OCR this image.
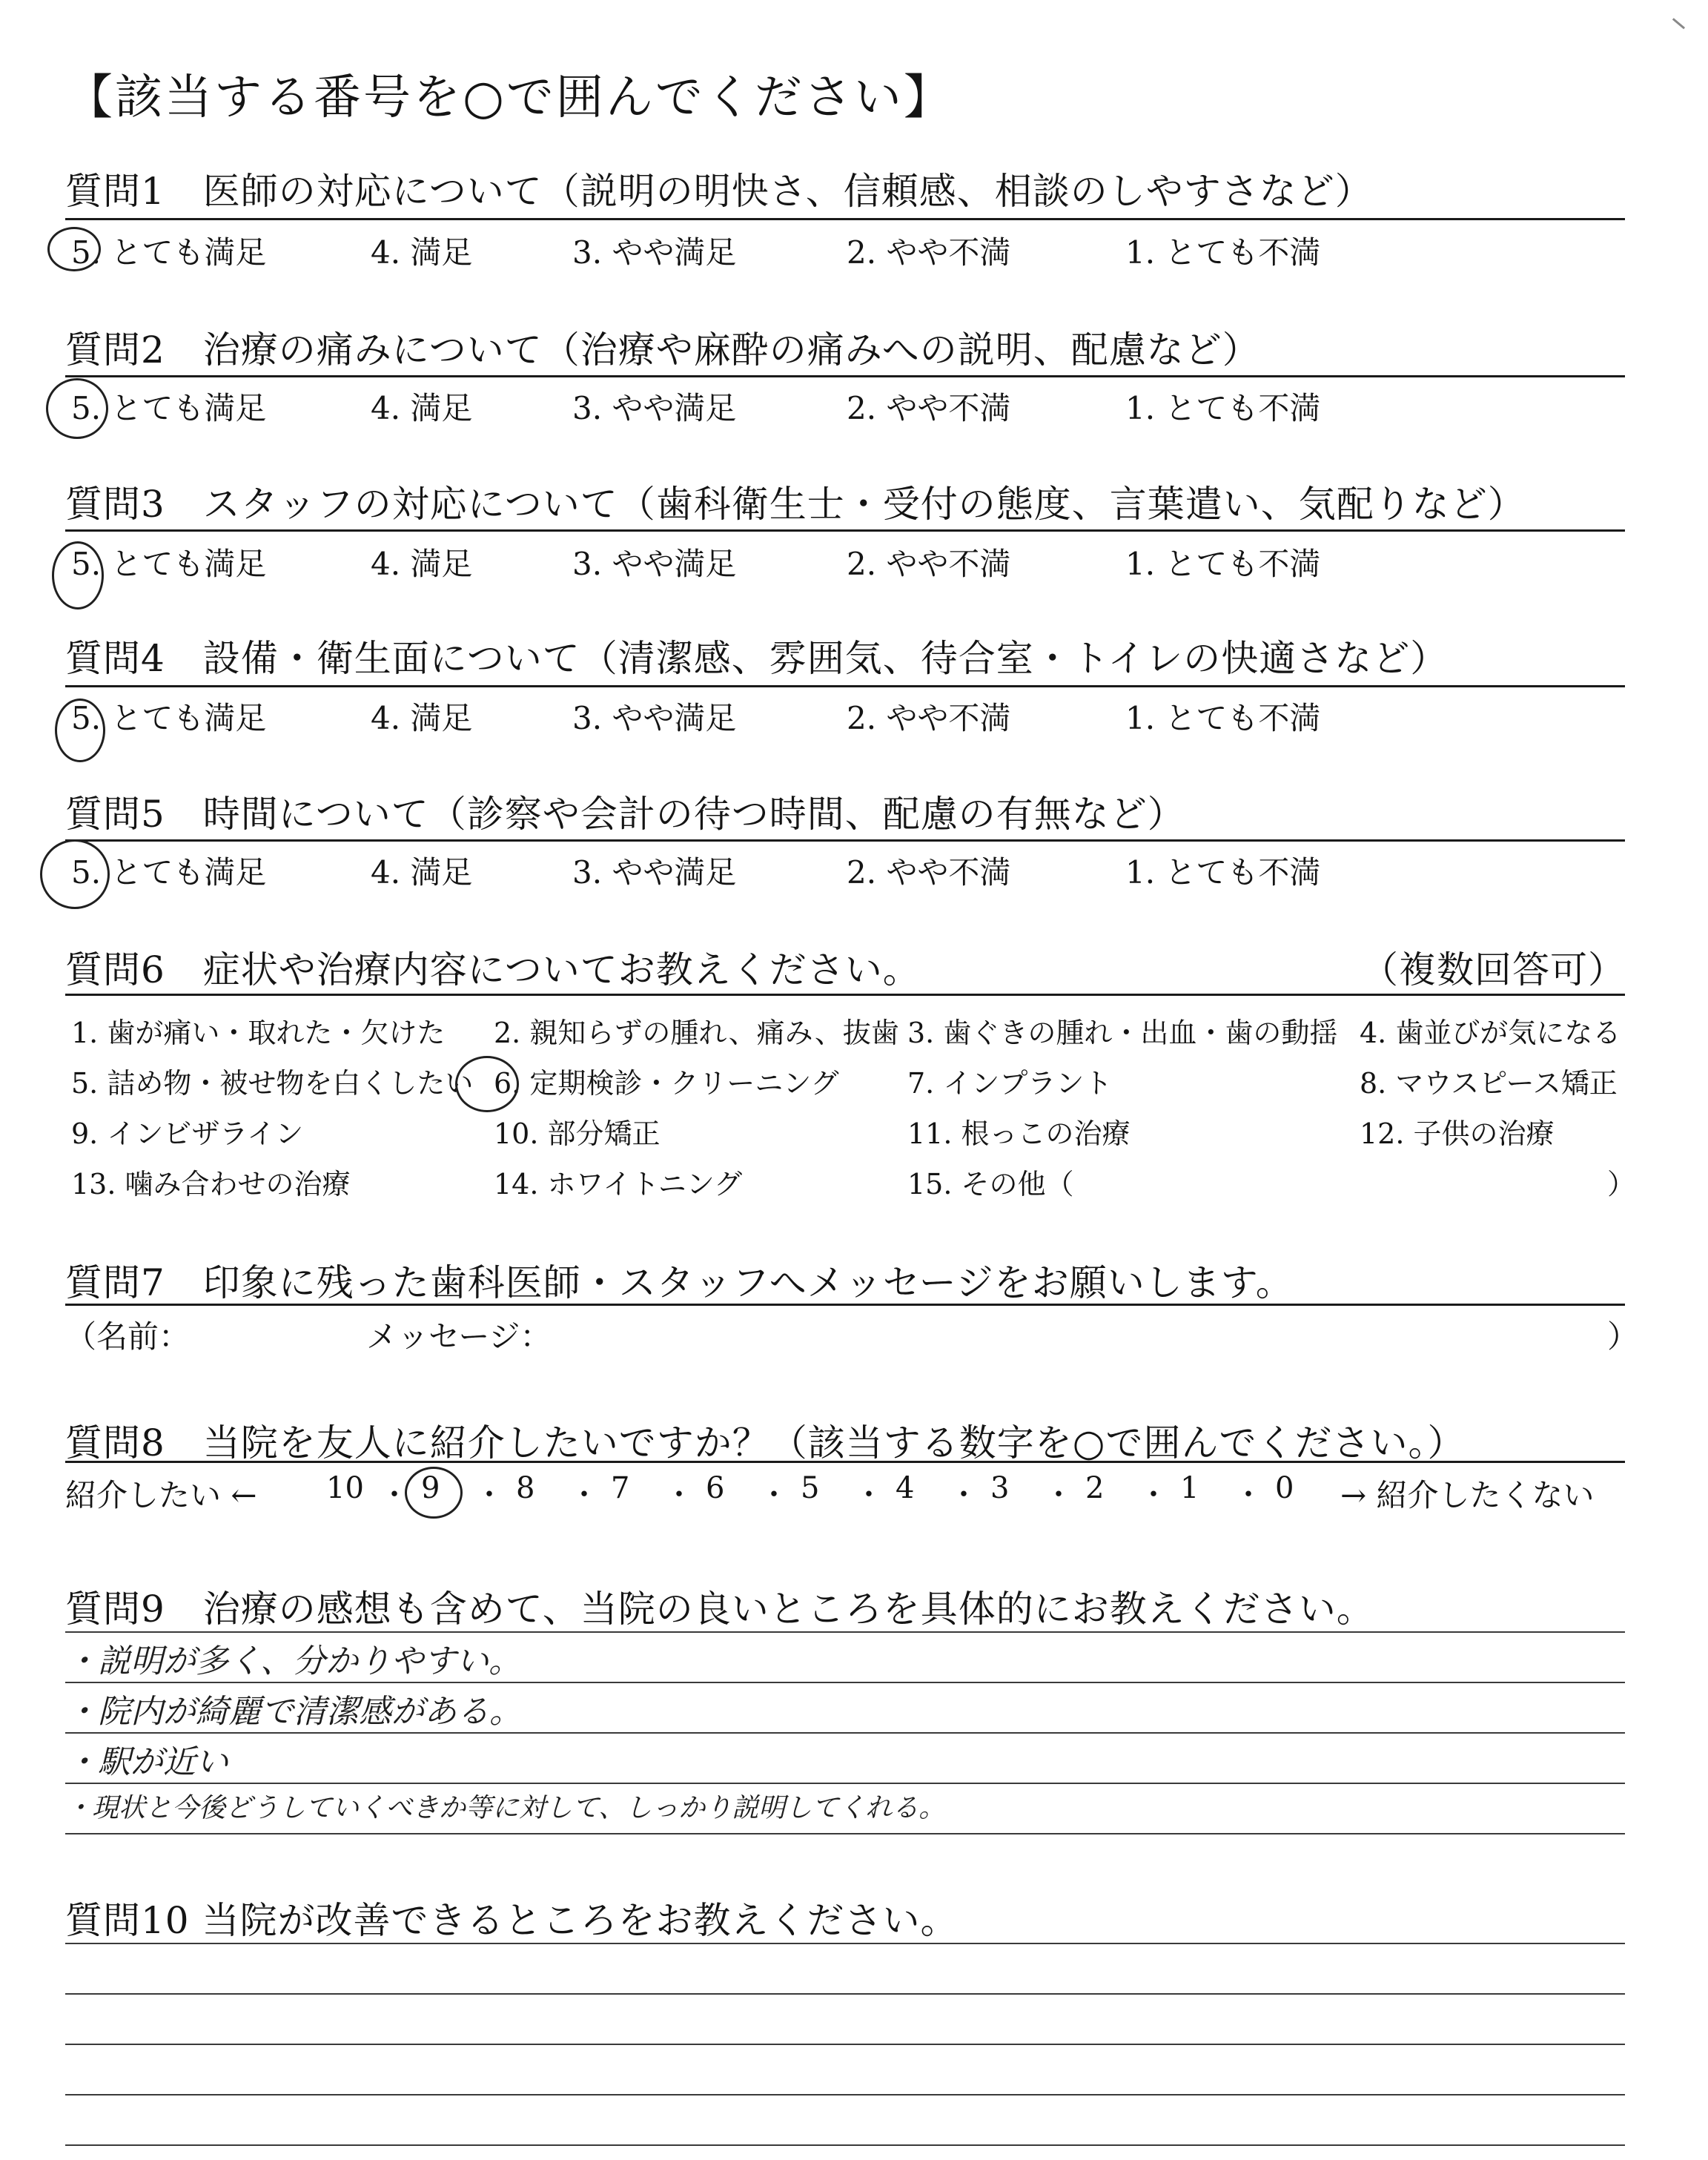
【該当する番号を○で囲んでください】
質問1　医師の対応について（説明の明快さ、信頼感、相談のしやすさなど）
5. とても満足	4. 満足	3. やや満足	2. やや不満	1. とても不満
質問2　治療の痛みについて（治療や麻酔の痛みへの説明、配慮など）
5. とても満足	4. 満足	3. やや満足	2. やや不満	1. とても不満
質問3　スタッフの対応について（歯科衛生士・受付の態度、言葉遣い、気配りなど）
5. とても満足	4. 満足	3. やや満足	2. やや不満	1. とても不満
質問4　設備・衛生面について（清潔感、雰囲気、待合室・トイレの快適さなど）
5. とても満足	4. 満足	3. やや満足	2. やや不満	1. とても不満
質問5　時間について（診察や会計の待つ時間、配慮の有無など）
5. とても満足	4. 満足	3. やや満足	2. やや不満	1. とても不満
質問6　症状や治療内容についてお教えください。	（複数回答可）
1. 歯が痛い・取れた・欠けた 2. 親知らずの腫れ、痛み、抜歯 3. 歯ぐきの腫れ・出血・歯の動揺 4. 歯並びが気になる
5. 詰め物・被せ物を白くしたい 6. 定期検診・クリーニング 7. インプラント	8. マウスピース矯正
9. インビザライン	10. 部分矯正	11. 根っこの治療	12. 子供の治療
13. 噛み合わせの治療	14. ホワイトニング	15. その他（	）
質問7　印象に残った歯科医師・スタッフへメッセージをお願いします。
（名前：	メッセージ：	）
質問8　当院を友人に紹介したいですか？（該当する数字を○で囲んでください。）
紹介したい ←	→ 紹介したくない
質問9　治療の感想も含めて、当院の良いところを具体的にお教えください。
・説明が多く、分かりやすい。
・院内が綺麗で清潔感がある。
・駅が近い
・現状と今後どうしていくべきか等に対して、しっかり説明してくれる。
質問10 当院が改善できるところをお教えください。
10 ・ 9 ・ 8 ・ 7 ・ 6 ・ 5 ・ 4 ・ 3 ・ 2 ・ 1 ・ 0
